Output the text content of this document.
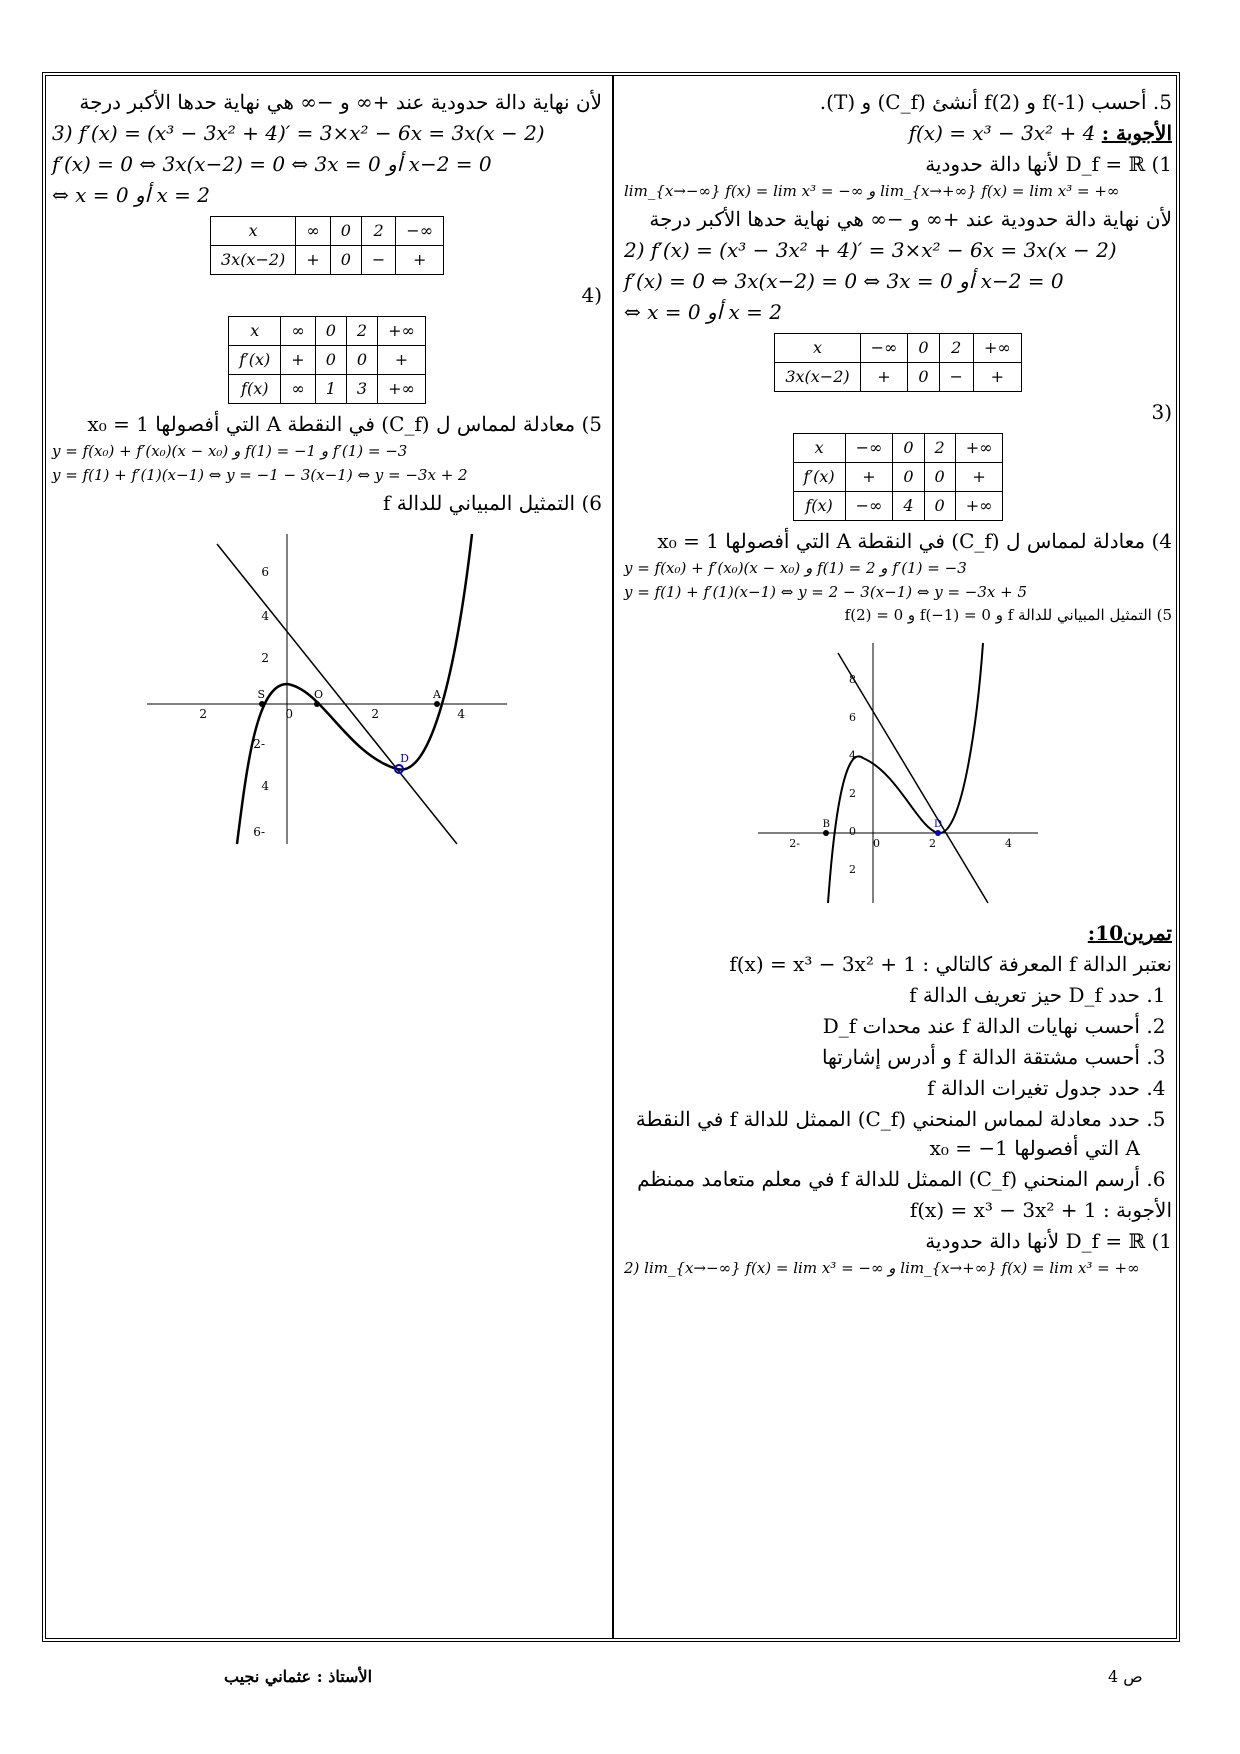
5. أحسب f(-1) و f(2) أنشئ (C_f) و (T).
الأجوبة : f(x) = x³ − 3x² + 4
1) D_f = ℝ لأنها دالة حدودية
lim_{x→−∞} f(x) = lim x³ = −∞ و lim_{x→+∞} f(x) = lim x³ = +∞
لأن نهاية دالة حدودية عند +∞ و −∞ هي نهاية حدها الأكبر درجة
2) f′(x) = (x³ − 3x² + 4)′ = 3×x² − 6x = 3x(x − 2)
f′(x) = 0 ⇔ 3x(x−2) = 0 ⇔ 3x = 0 أو x−2 = 0
⇔ x = 0 أو x = 2
x	−∞	0	2	+∞
3x(x−2)	+	0	−	+
(3
x	−∞	0	2	+∞
f′(x)	+	0	0	+
f(x)	−∞	4	0	+∞
4) معادلة لمماس ل (C_f) في النقطة A التي أفصولها x₀ = 1
y = f(x₀) + f′(x₀)(x − x₀) و f(1) = 2 و f′(1) = −3
y = f(1) + f′(1)(x−1) ⇔ y = 2 − 3(x−1) ⇔ y = −3x + 5
5) التمثيل المبياني للدالة f و f(−1) = 0 و f(2) = 0
-2	0	2	4
8
6
4
2
0
2
B	D
تمرين10:
نعتبر الدالة f المعرفة كالتالي : f(x) = x³ − 3x² + 1
1. حدد D_f حيز تعريف الدالة f
2. أحسب نهايات الدالة f عند محدات D_f
3. أحسب مشتقة الدالة f و أدرس إشارتها
4. حدد جدول تغيرات الدالة f
5. حدد معادلة لمماس المنحني (C_f) الممثل للدالة f في النقطة A التي أفصولها x₀ = −1
6. أرسم المنحني (C_f) الممثل للدالة f في معلم متعامد ممنظم
الأجوبة : f(x) = x³ − 3x² + 1
1) D_f = ℝ لأنها دالة حدودية
2) lim_{x→−∞} f(x) = lim x³ = −∞ و lim_{x→+∞} f(x) = lim x³ = +∞
لأن نهاية دالة حدودية عند +∞ و −∞ هي نهاية حدها الأكبر درجة
3) f′(x) = (x³ − 3x² + 4)′ = 3×x² − 6x = 3x(x − 2)
f′(x) = 0 ⇔ 3x(x−2) = 0 ⇔ 3x = 0 أو x−2 = 0
⇔ x = 0 أو x = 2
x	∞	0	2	−∞
3x(x−2)	+	0	−	+
(4
x	∞	0	2	+∞
f′(x)	+	0	0	+
f(x)	∞	1	3	+∞
5) معادلة لمماس ل (C_f) في النقطة A التي أفصولها x₀ = 1
y = f(x₀) + f′(x₀)(x − x₀) و f(1) = −1 و f′(1) = −3
y = f(1) + f′(1)(x−1) ⇔ y = −1 − 3(x−1) ⇔ y = −3x + 2
6) التمثيل المبياني للدالة f
2	0	2	4
6
4
2
-2
4
-6
S	O	A
D
ص 4
الأستاذ : عثماني نجيب
